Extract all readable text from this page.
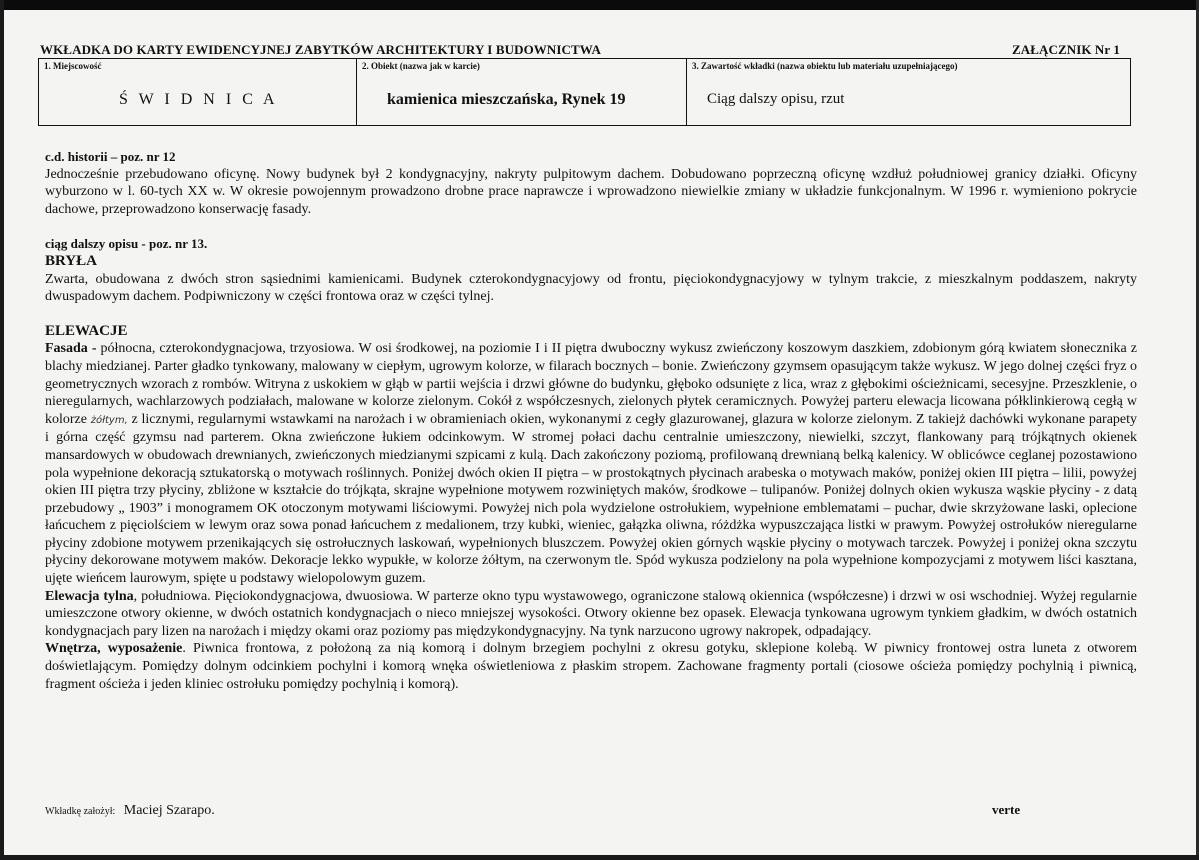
WKŁADKA DO KARTY EWIDENCYJNEJ ZABYTKÓW ARCHITEKTURY I BUDOWNICTWA	ZAŁĄCZNIK Nr 1
1. Miejscowość
Ś W I D N I C A

2. Obiekt (nazwa jak w karcie)
kamienica mieszczańska, Rynek 19

3. Zawartość wkładki (nazwa obiektu lub materiału uzupełniającego)
Ciąg dalszy opisu, rzut

c.d. historii – poz. nr 12

Jednocześnie przebudowano oficynę. Nowy budynek był 2 kondygnacyjny, nakryty pulpitowym dachem. Dobudowano poprzeczną oficynę wzdłuż południowej granicy działki. Oficyny wyburzono w l. 60-tych XX w. W okresie powojennym prowadzono drobne prace naprawcze i wprowadzono niewielkie zmiany w układzie funkcjonalnym. W 1996 r. wymieniono pokrycie dachowe, przeprowadzono konserwację fasady.

ciąg dalszy opisu - poz. nr 13.

BRYŁA

Zwarta, obudowana z dwóch stron sąsiednimi kamienicami. Budynek czterokondygnacyjowy od frontu, pięciokondygnacyjowy w tylnym trakcie, z mieszkalnym poddaszem, nakryty dwuspadowym dachem. Podpiwniczony w części frontowa oraz w części tylnej.

ELEWACJE

Fasada - północna, czterokondygnacjowa, trzyosiowa. W osi środkowej, na poziomie I i II piętra dwuboczny wykusz zwieńczony koszowym daszkiem, zdobionym górą kwiatem słonecznika z blachy miedzianej. Parter gładko tynkowany, malowany w ciepłym, ugrowym kolorze, w filarach bocznych – bonie. Zwieńczony gzymsem opasującym także wykusz. W jego dolnej części fryz o geometrycznych wzorach z rombów. Witryna z uskokiem w głąb w partii wejścia i drzwi główne do budynku, głęboko odsunięte z lica, wraz z głębokimi ościeżnicami, secesyjne. Przeszklenie, o nieregularnych, wachlarzowych podziałach, malowane w kolorze zielonym. Cokół z współczesnych, zielonych płytek ceramicznych. Powyżej parteru elewacja licowana półklinkierową cegłą w kolorze żółtym, z licznymi, regularnymi wstawkami na narożach i w obramieniach okien, wykonanymi z cegły glazurowanej, glazura w kolorze zielonym. Z takiejż dachówki wykonane parapety i górna część gzymsu nad parterem. Okna zwieńczone łukiem odcinkowym. W stromej połaci dachu centralnie umieszczony, niewielki, szczyt, flankowany parą trójkątnych okienek mansardowych w obudowach drewnianych, zwieńczonych miedzianymi szpicami z kulą. Dach zakończony poziomą, profilowaną drewnianą belką kalenicy. W oblicówce ceglanej pozostawiono pola wypełnione dekoracją sztukatorską o motywach roślinnych. Poniżej dwóch okien II piętra – w prostokątnych płycinach arabeska o motywach maków, poniżej okien III piętra – lilii, powyżej okien III piętra trzy płyciny, zbliżone w kształcie do trójkąta, skrajne wypełnione motywem rozwiniętych maków, środkowe – tulipanów. Poniżej dolnych okien wykusza wąskie płyciny - z datą przebudowy „ 1903” i monogramem OK otoczonym motywami liściowymi. Powyżej nich pola wydzielone ostrołukiem, wypełnione emblematami – puchar, dwie skrzyżowane laski, oplecione łańcuchem z pięciolściem w lewym oraz sowa ponad łańcuchem z medalionem, trzy kubki, wieniec, gałązka oliwna, różdżka wypuszczająca listki w prawym. Powyżej ostrołuków nieregularne płyciny zdobione motywem przenikających się ostrołucznych laskowań, wypełnionych bluszczem. Powyżej okien górnych wąskie płyciny o motywach tarczek. Powyżej i poniżej okna szczytu płyciny dekorowane motywem maków. Dekoracje lekko wypukłe, w kolorze żółtym, na czerwonym tle. Spód wykusza podzielony na pola wypełnione kompozycjami z motywem liści kasztana, ujęte wieńcem laurowym, spięte u podstawy wielopolowym guzem.

Elewacja tylna, południowa. Pięciokondygnacjowa, dwuosiowa. W parterze okno typu wystawowego, ograniczone stalową okiennica (współczesne) i drzwi w osi wschodniej. Wyżej regularnie umieszczone otwory okienne, w dwóch ostatnich kondygnacjach o nieco mniejszej wysokości. Otwory okienne bez opasek. Elewacja tynkowana ugrowym tynkiem gładkim, w dwóch ostatnich kondygnacjach pary lizen na narożach i między okami oraz poziomy pas międzykondygnacyjny. Na tynk narzucono ugrowy nakropek, odpadający.

Wnętrza, wyposażenie. Piwnica frontowa, z położoną za nią komorą i dolnym brzegiem pochylni z okresu gotyku, sklepione kolebą. W piwnicy frontowej ostra luneta z otworem doświetlającym. Pomiędzy dolnym odcinkiem pochylni i komorą wnęka oświetleniowa z płaskim stropem. Zachowane fragmenty portali (ciosowe ościeża pomiędzy pochylnią i piwnicą, fragment ościeża i jeden kliniec ostrołuku pomiędzy pochylnią i komorą).

Wkładkę założył: Maciej Szarapo.	verte
